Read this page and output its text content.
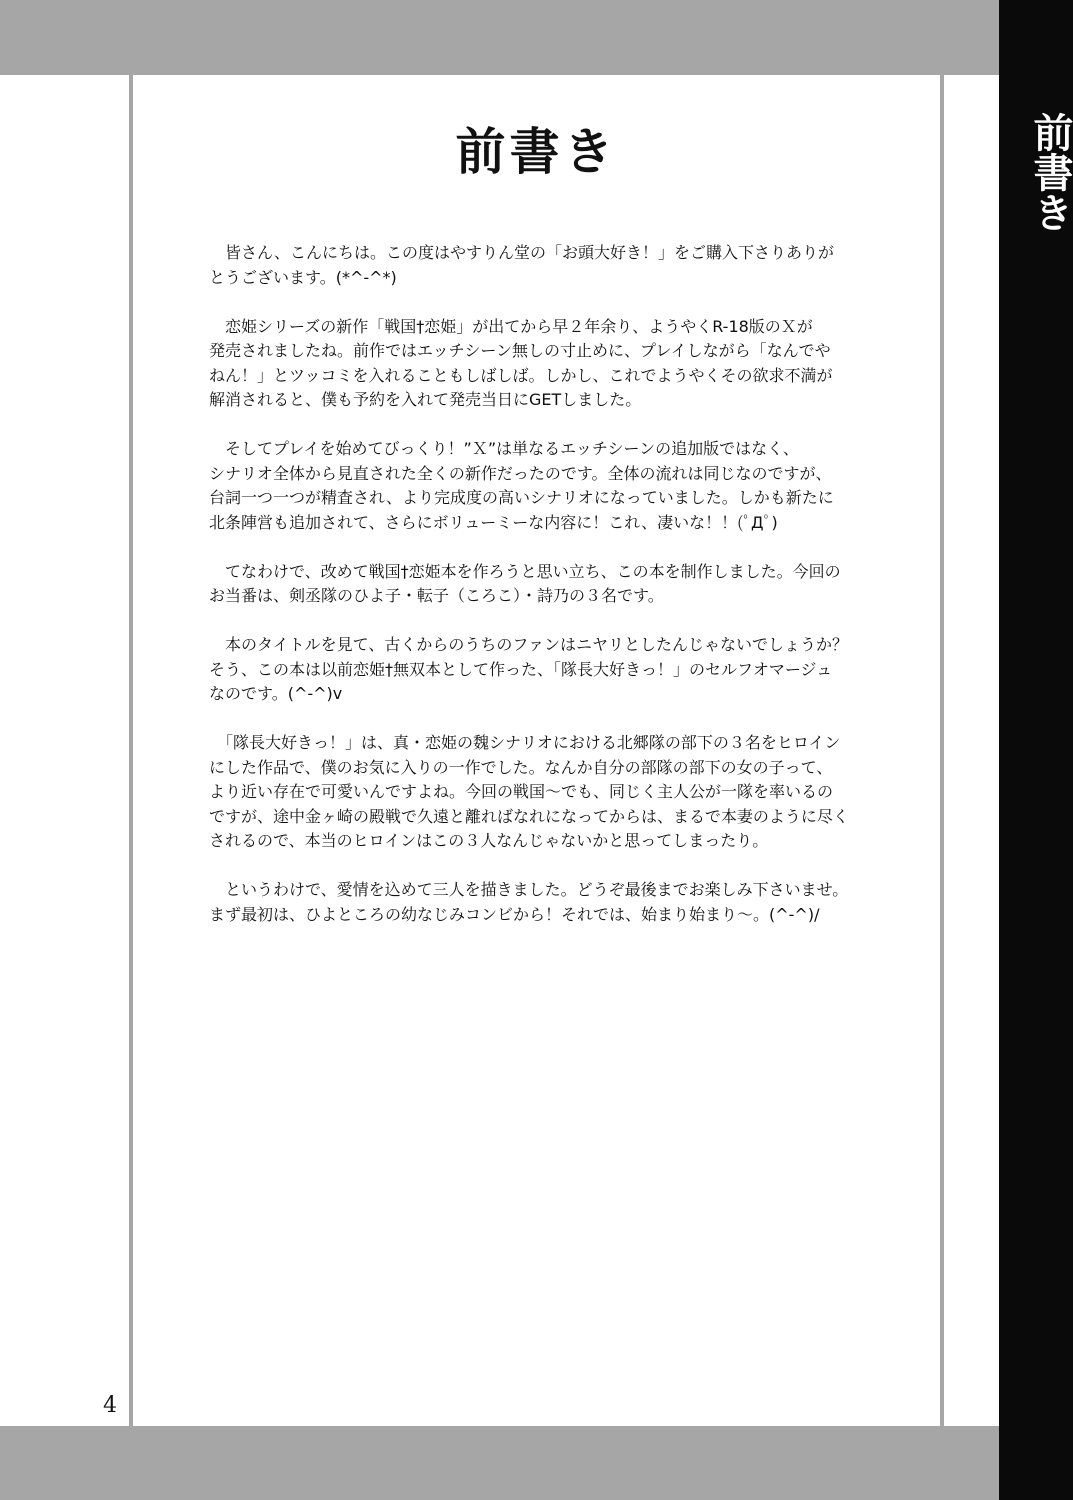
前書き
前書き

　皆さん、こんにちは。この度はやすりん堂の「お頭大好き！」をご購入下さりありが
とうございます。(*^-^*)

　恋姫シリーズの新作「戦国†恋姫」が出てから早２年余り、ようやくR-18版のＸが
発売されましたね。前作ではエッチシーン無しの寸止めに、プレイしながら「なんでや
ねん！」とツッコミを入れることもしばしば。しかし、これでようやくその欲求不満が
解消されると、僕も予約を入れて発売当日にGETしました。

　そしてプレイを始めてびっくり！”Ｘ”は単なるエッチシーンの追加版ではなく、
シナリオ全体から見直された全くの新作だったのです。全体の流れは同じなのですが、
台詞一つ一つが精査され、より完成度の高いシナリオになっていました。しかも新たに
北条陣営も追加されて、さらにボリューミーな内容に！これ、凄いな！！(ﾟДﾟ)

　てなわけで、改めて戦国†恋姫本を作ろうと思い立ち、この本を制作しました。今回の
お当番は、剣丞隊のひよ子・転子（ころこ）・詩乃の３名です。

　本のタイトルを見て、古くからのうちのファンはニヤリとしたんじゃないでしょうか？
そう、この本は以前恋姫†無双本として作った、「隊長大好きっ！」のセルフオマージュ
なのです。(^-^)v

　「隊長大好きっ！」は、真・恋姫の魏シナリオにおける北郷隊の部下の３名をヒロイン
にした作品で、僕のお気に入りの一作でした。なんか自分の部隊の部下の女の子って、
より近い存在で可愛いんですよね。今回の戦国〜でも、同じく主人公が一隊を率いるの
ですが、途中金ヶ崎の殿戦で久遠と離ればなれになってからは、まるで本妻のように尽く
されるので、本当のヒロインはこの３人なんじゃないかと思ってしまったり。

　というわけで、愛情を込めて三人を描きました。どうぞ最後までお楽しみ下さいませ。
まず最初は、ひよところの幼なじみコンビから！それでは、始まり始まり〜。(^-^)/

4
